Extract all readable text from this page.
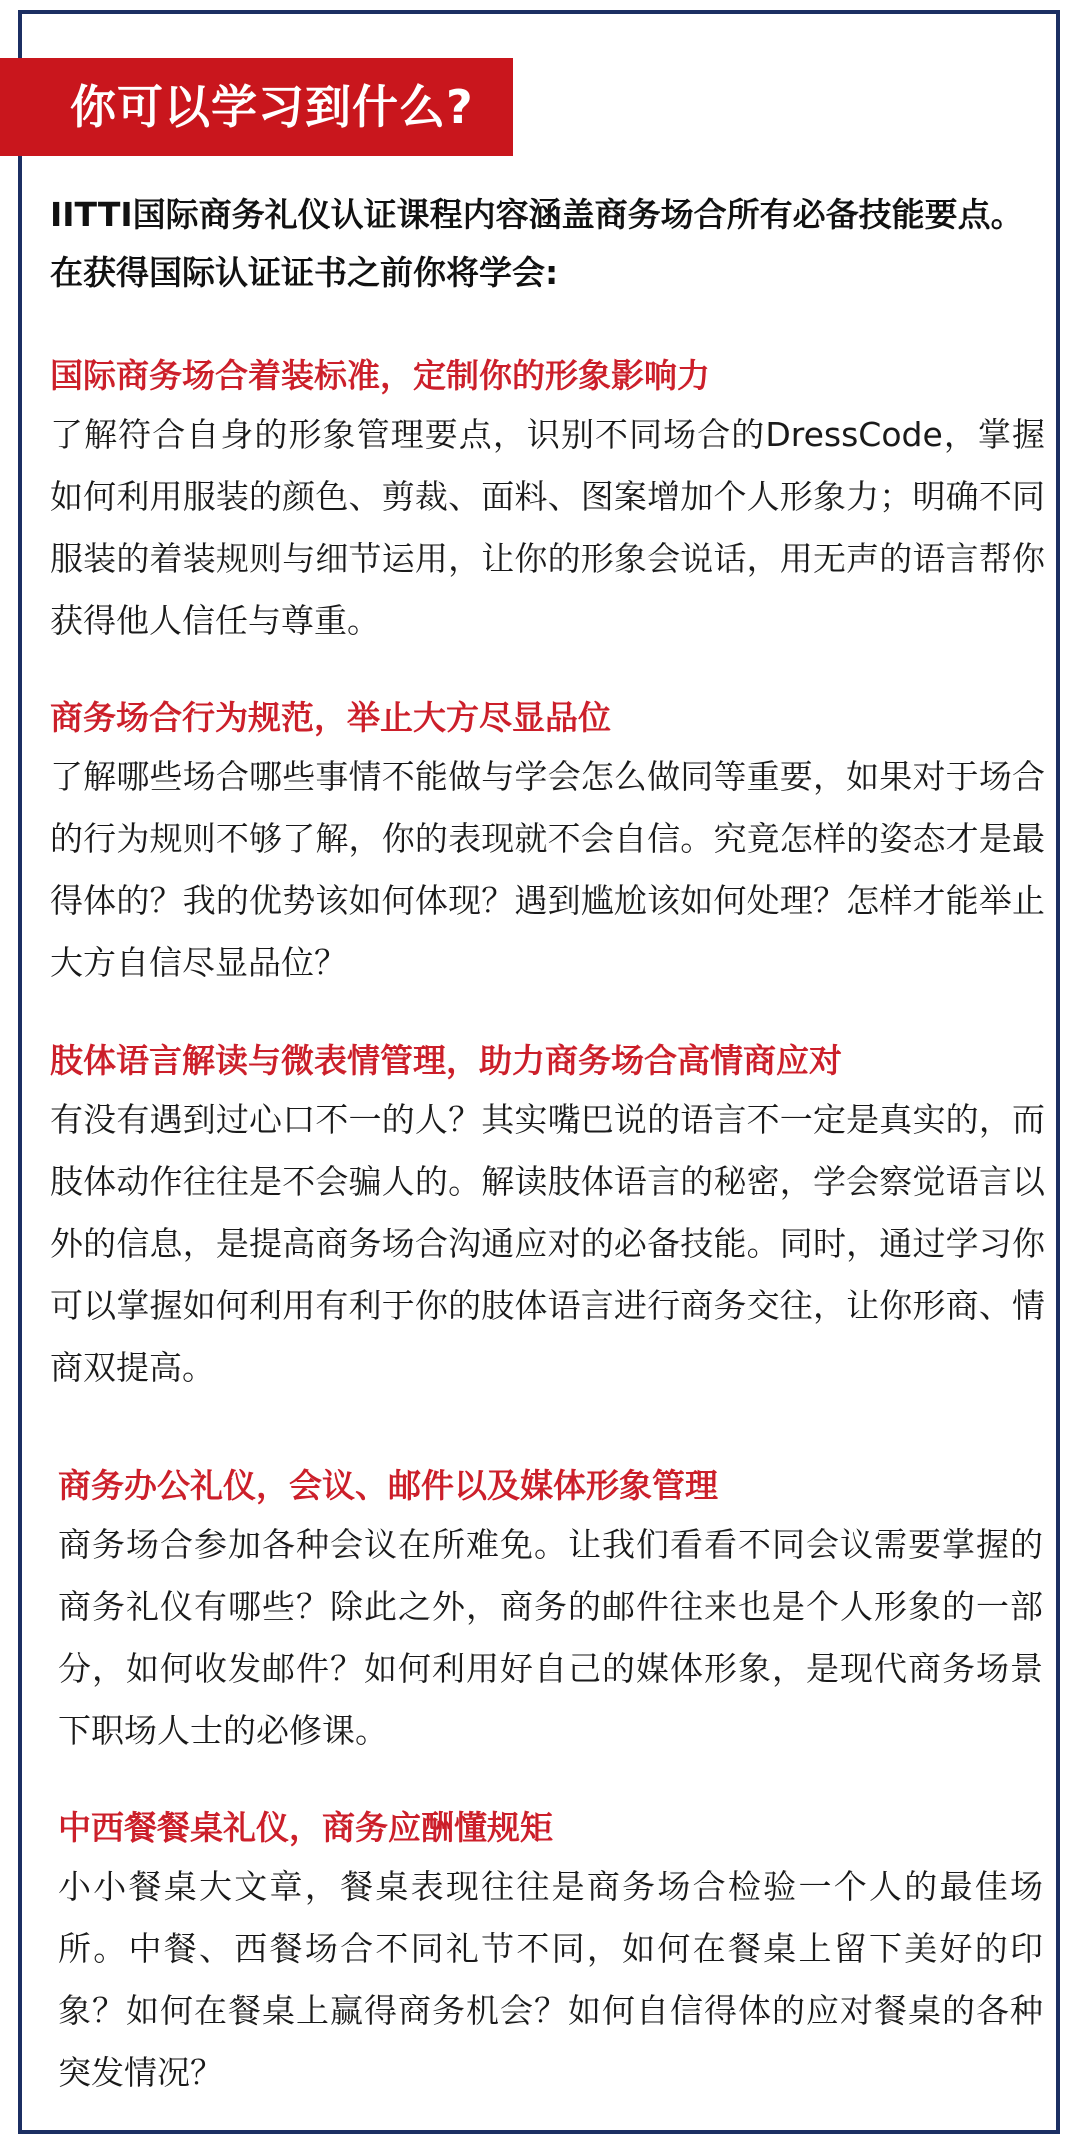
你可以学习到什么?
IITTI国际商务礼仪认证课程内容涵盖商务场合所有必备技能要点。在获得国际认证证书之前你将学会:
国际商务场合着装标准，定制你的形象影响力
了解符合自身的形象管理要点，识别不同场合的DressCode，掌握如何利用服装的颜色、剪裁、面料、图案增加个人形象力；明确不同服装的着装规则与细节运用，让你的形象会说话，用无声的语言帮你获得他人信任与尊重。
商务场合行为规范，举止大方尽显品位
了解哪些场合哪些事情不能做与学会怎么做同等重要，如果对于场合的行为规则不够了解，你的表现就不会自信。究竟怎样的姿态才是最得体的？我的优势该如何体现？遇到尴尬该如何处理？怎样才能举止大方自信尽显品位？
肢体语言解读与微表情管理，助力商务场合高情商应对
有没有遇到过心口不一的人？其实嘴巴说的语言不一定是真实的，而肢体动作往往是不会骗人的。解读肢体语言的秘密，学会察觉语言以外的信息，是提高商务场合沟通应对的必备技能。同时，通过学习你可以掌握如何利用有利于你的肢体语言进行商务交往，让你形商、情商双提高。
商务办公礼仪，会议、邮件以及媒体形象管理
商务场合参加各种会议在所难免。让我们看看不同会议需要掌握的商务礼仪有哪些？除此之外，商务的邮件往来也是个人形象的一部分，如何收发邮件？如何利用好自己的媒体形象，是现代商务场景下职场人士的必修课。
中西餐餐桌礼仪，商务应酬懂规矩
小小餐桌大文章，餐桌表现往往是商务场合检验一个人的最佳场所。中餐、西餐场合不同礼节不同，如何在餐桌上留下美好的印象？如何在餐桌上赢得商务机会？如何自信得体的应对餐桌的各种突发情况？
